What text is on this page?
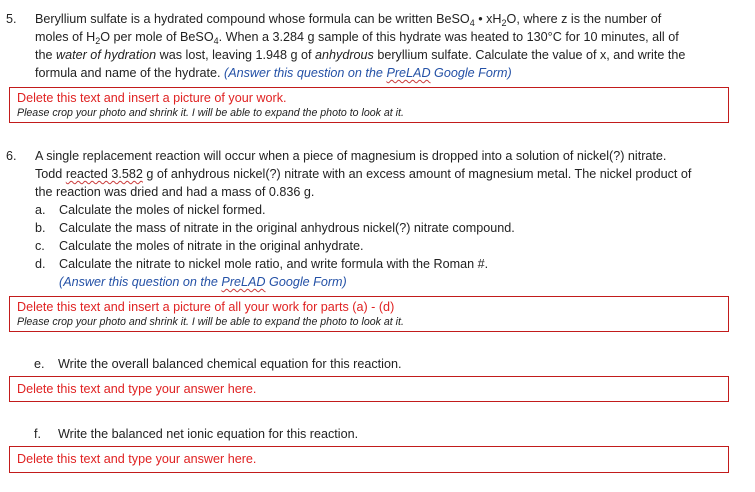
5. Beryllium sulfate is a hydrated compound whose formula can be written BeSO$_4$ • $xH_2O$, where z is the number of

moles of $H_2O$ per mole of BeSO$_4$. When a 3.284 g sample of this hydrate was heated to 130°C for 10 minutes, all of

the water of hydration was lost, leaving 1.948 g of anhydrous beryllium sulfate. Calculate the value of x, and write the

formula and name of the hydrate. (Answer this question on the PreLAD Google Form)

Delete this text and insert a picture of your work.
Please crop your photo and shrink it. I will be able to expand the photo to look at it.
6. A single replacement reaction will occur when a piece of magnesium is dropped into a solution of nickel(?) nitrate.

Todd reacted 3.582 g of anhydrous nickel(?) nitrate with an excess amount of magnesium metal. The nickel product of

the reaction was dried and had a mass of 0.836 g.

a. Calculate the moles of nickel formed.
b. Calculate the mass of nitrate in the original anhydrous nickel(?) nitrate compound.
c. Calculate the moles of nitrate in the original anhydrate.
d. Calculate the nitrate to nickel mole ratio, and write formula with the Roman #.
(Answer this question on the PreLAD Google Form)
Delete this text and insert a picture of all your work for parts (a) - (d)
Please crop your photo and shrink it. I will be able to expand the photo to look at it.
e. Write the overall balanced chemical equation for this reaction.
Delete this text and type your answer here.
f. Write the balanced net ionic equation for this reaction.
Delete this text and type your answer here.
